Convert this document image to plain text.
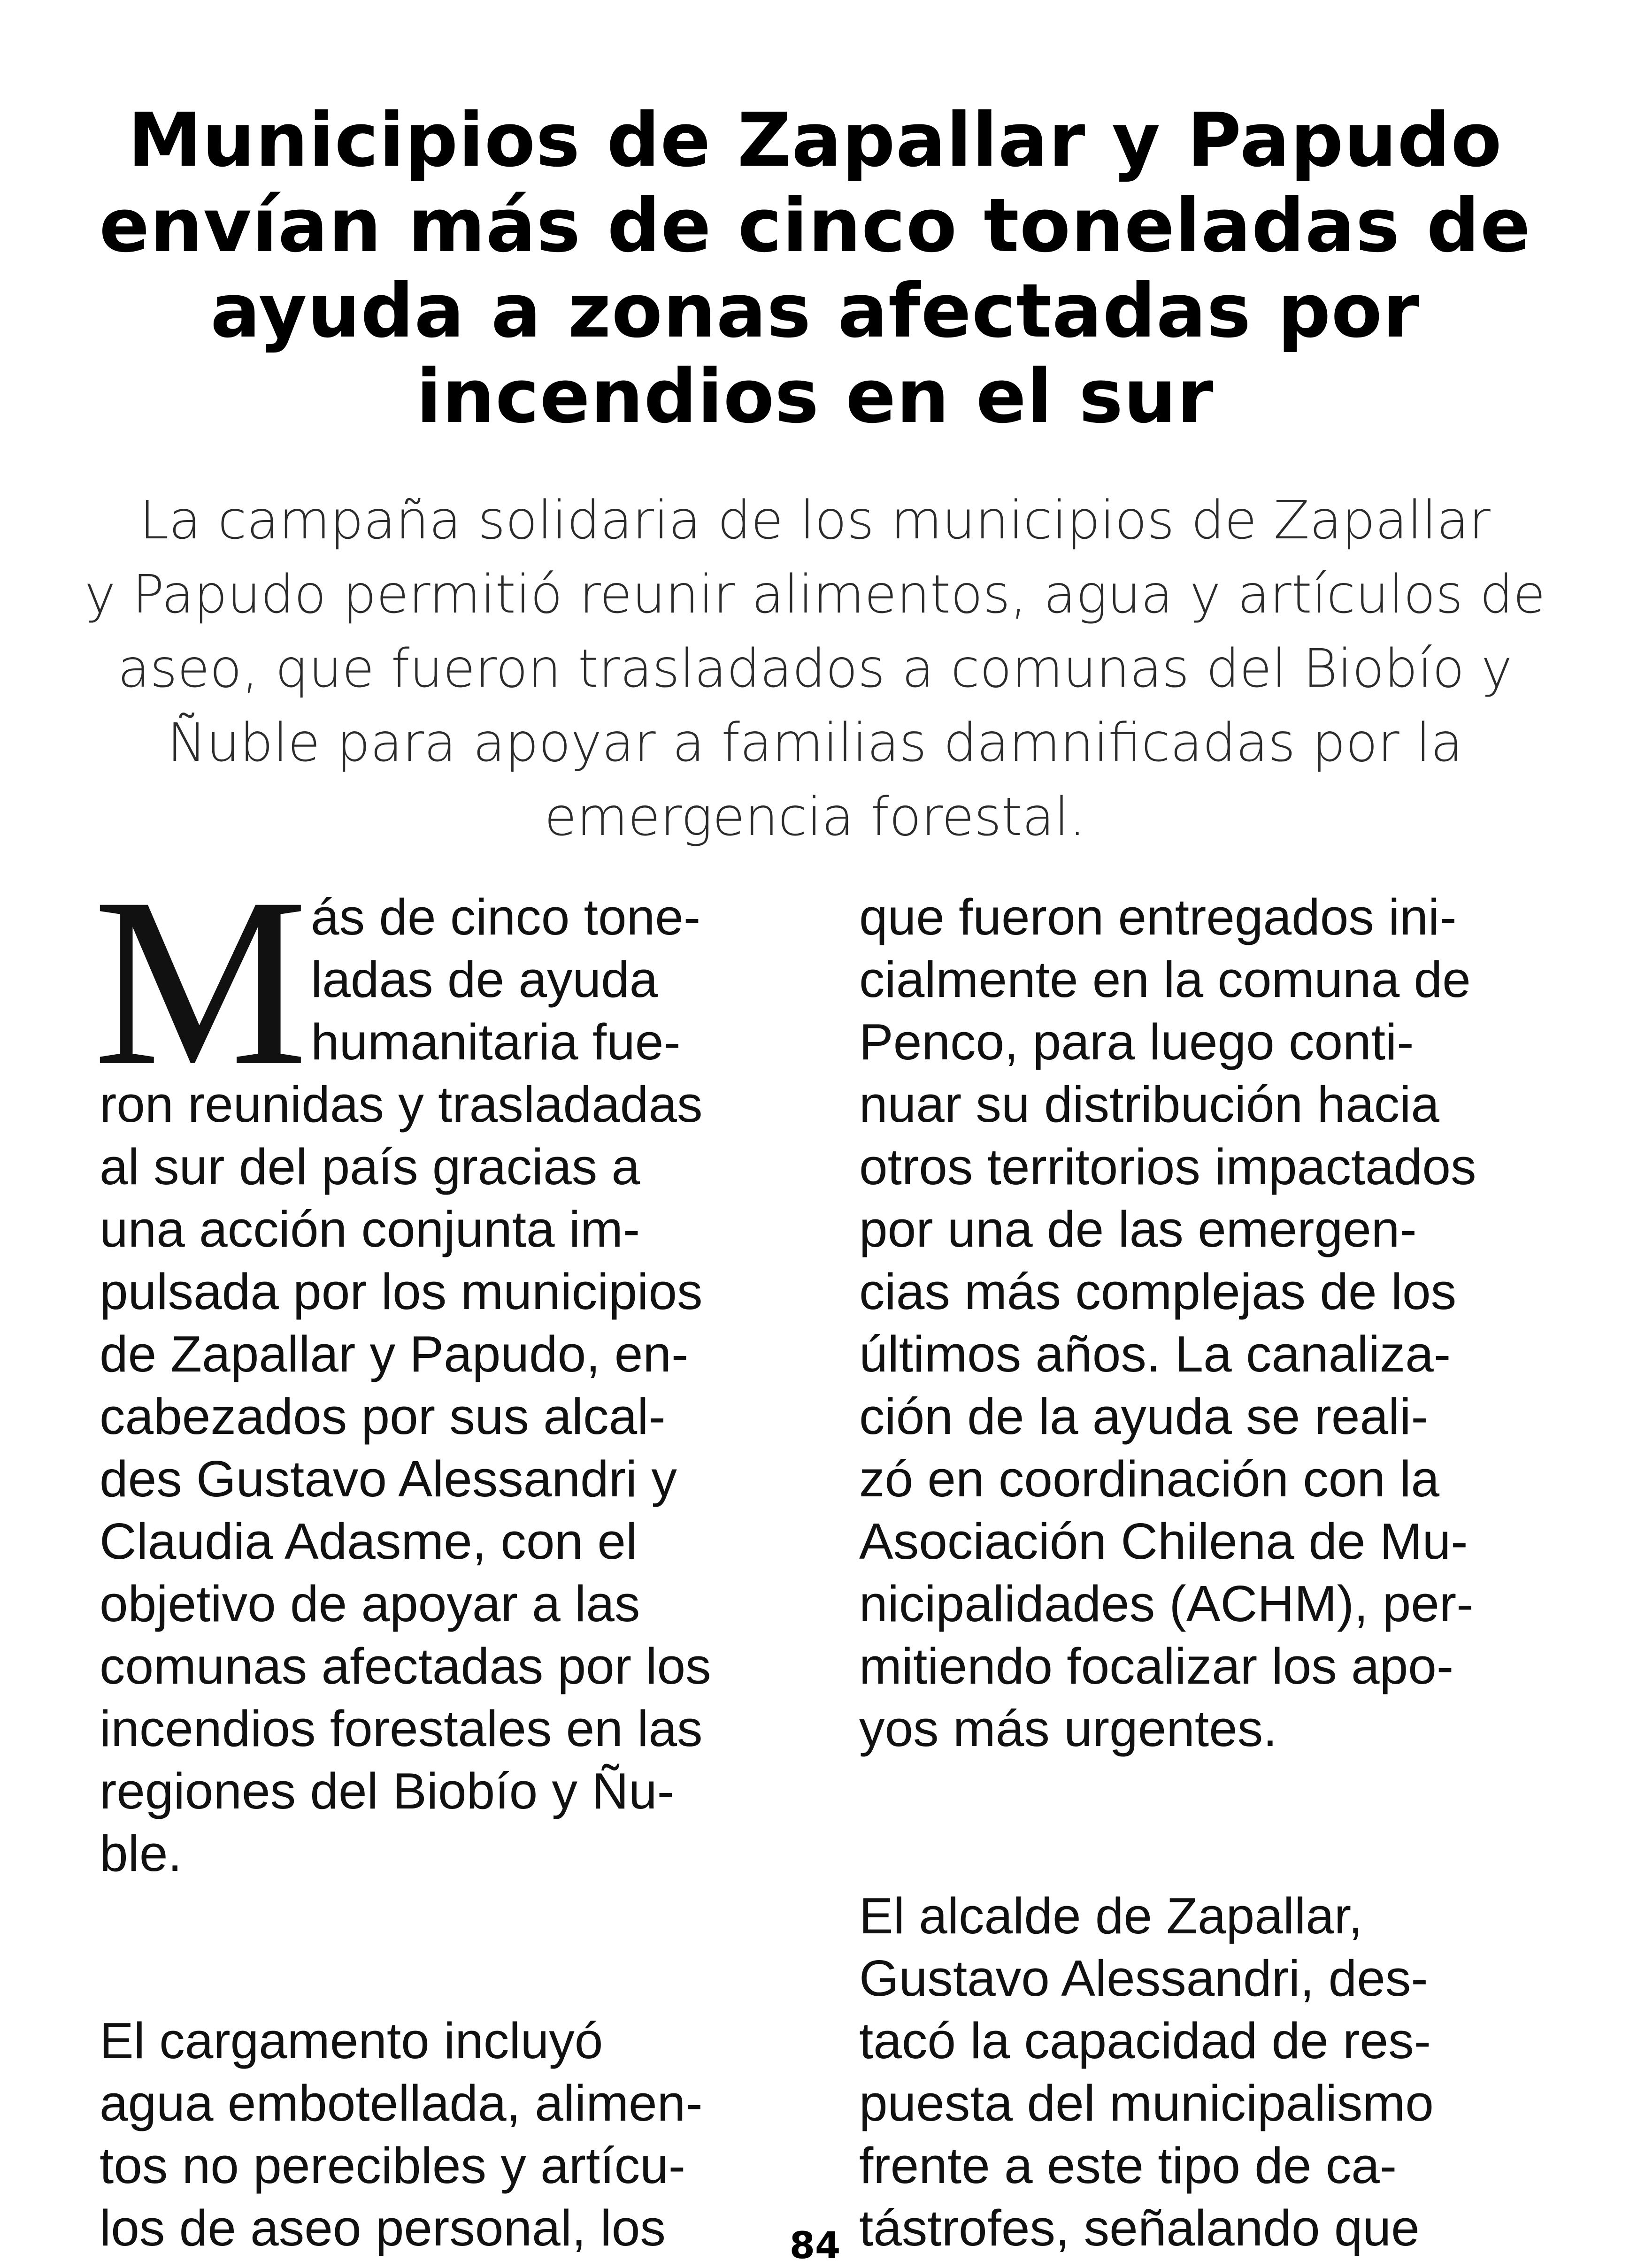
Municipios de Zapallar y Papudo
envían más de cinco toneladas de
ayuda a zonas afectadas por
incendios en el sur
La campaña solidaria de los municipios de Zapallar
y Papudo permitió reunir alimentos, agua y artículos de
aseo, que fueron trasladados a comunas del Biobío y
Ñuble para apoyar a familias damnificadas por la
emergencia forestal.

M ás de cinco tone-
ladas de ayuda
humanitaria fue-
ron reunidas y trasladadas
al sur del país gracias a
una acción conjunta im-
pulsada por los municipios
de Zapallar y Papudo, en-
cabezados por sus alcal-
des Gustavo Alessandri y
Claudia Adasme, con el
objetivo de apoyar a las
comunas afectadas por los
incendios forestales en las
regiones del Biobío y Ñu-
ble.

El cargamento incluyó
agua embotellada, alimen-
tos no perecibles y artícu-
los de aseo personal, los

que fueron entregados ini-
cialmente en la comuna de
Penco, para luego conti-
nuar su distribución hacia
otros territorios impactados
por una de las emergen-
cias más complejas de los
últimos años. La canaliza-
ción de la ayuda se reali-
zó en coordinación con la
Asociación Chilena de Mu-
nicipalidades (ACHM), per-
mitiendo focalizar los apo-
yos más urgentes.

El alcalde de Zapallar,
Gustavo Alessandri, des-
tacó la capacidad de res-
puesta del municipalismo
frente a este tipo de ca-
tástrofes, señalando que

84
